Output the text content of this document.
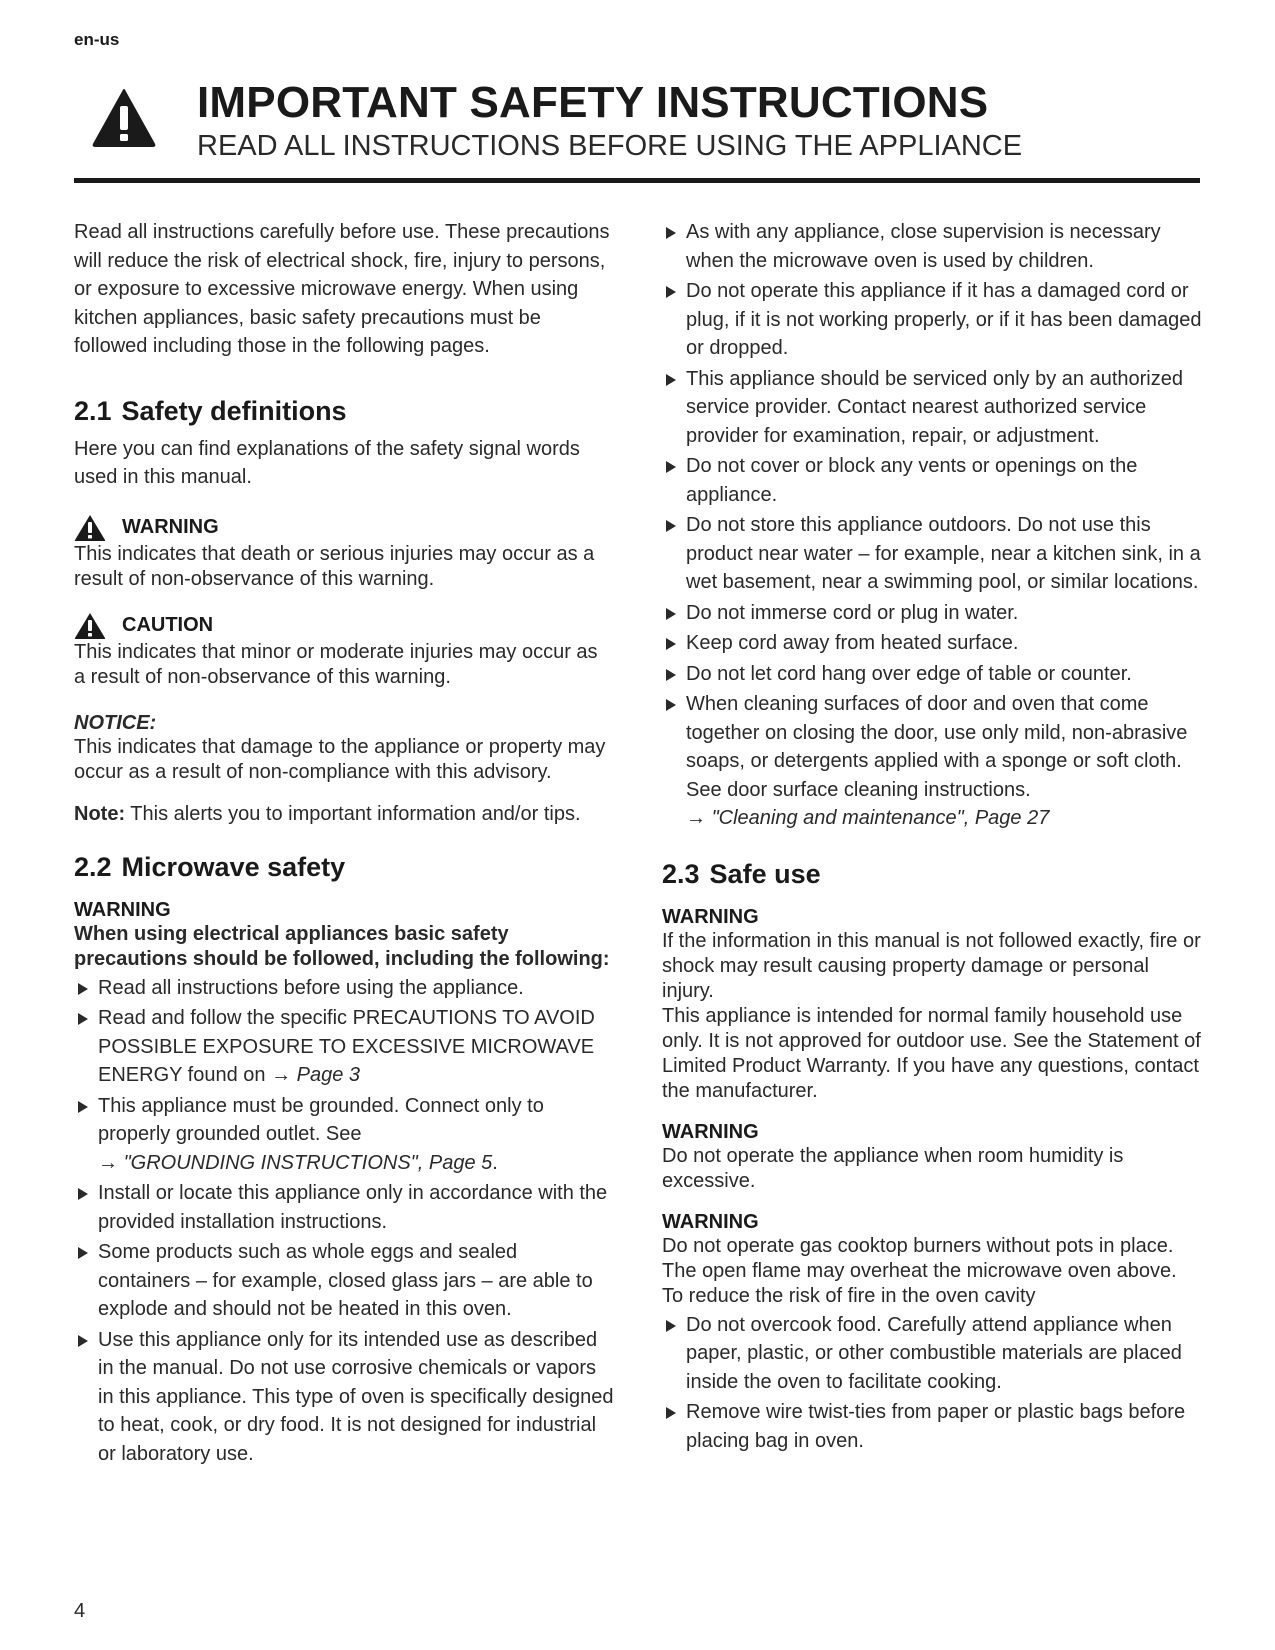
en-us
IMPORTANT SAFETY INSTRUCTIONS
READ ALL INSTRUCTIONS BEFORE USING THE APPLIANCE

Read all instructions carefully before use. These precautions will reduce the risk of electrical shock, fire, injury to persons, or exposure to excessive microwave energy. When using kitchen appliances, basic safety precautions must be followed including those in the following pages.

2.1 Safety definitions

Here you can find explanations of the safety signal words used in this manual.

WARNING

This indicates that death or serious injuries may occur as a result of non-observance of this warning.

CAUTION

This indicates that minor or moderate injuries may occur as a result of non-observance of this warning.

NOTICE:

This indicates that damage to the appliance or property may occur as a result of non-compliance with this advisory.

Note: This alerts you to important information and/or tips.

2.2 Microwave safety
WARNING

When using electrical appliances basic safety precautions should be followed, including the following:

Read all instructions before using the appliance.
Read and follow the specific PRECAUTIONS TO AVOID POSSIBLE EXPOSURE TO EXCESSIVE MICROWAVE ENERGY found on → Page 3
This appliance must be grounded. Connect only to properly grounded outlet. See
→ "GROUNDING INSTRUCTIONS", Page 5.
Install or locate this appliance only in accordance with the provided installation instructions.
Some products such as whole eggs and sealed containers – for example, closed glass jars – are able to explode and should not be heated in this oven.
Use this appliance only for its intended use as described in the manual. Do not use corrosive chemicals or vapors in this appliance. This type of oven is specifically designed to heat, cook, or dry food. It is not designed for industrial or laboratory use.
As with any appliance, close supervision is necessary when the microwave oven is used by children.
Do not operate this appliance if it has a damaged cord or plug, if it is not working properly, or if it has been damaged or dropped.
This appliance should be serviced only by an authorized service provider. Contact nearest authorized service provider for examination, repair, or adjustment.
Do not cover or block any vents or openings on the appliance.
Do not store this appliance outdoors. Do not use this product near water – for example, near a kitchen sink, in a wet basement, near a swimming pool, or similar locations.
Do not immerse cord or plug in water.
Keep cord away from heated surface.
Do not let cord hang over edge of table or counter.
When cleaning surfaces of door and oven that come together on closing the door, use only mild, non-abrasive soaps, or detergents applied with a sponge or soft cloth. See door surface cleaning instructions.
→ "Cleaning and maintenance", Page 27
2.3 Safe use
WARNING

If the information in this manual is not followed exactly, fire or shock may result causing property damage or personal injury.

This appliance is intended for normal family household use only. It is not approved for outdoor use. See the Statement of Limited Product Warranty. If you have any questions, contact the manufacturer.

WARNING

Do not operate the appliance when room humidity is excessive.

WARNING

Do not operate gas cooktop burners without pots in place. The open flame may overheat the microwave oven above. To reduce the risk of fire in the oven cavity

Do not overcook food. Carefully attend appliance when paper, plastic, or other combustible materials are placed inside the oven to facilitate cooking.
Remove wire twist-ties from paper or plastic bags before placing bag in oven.
4
